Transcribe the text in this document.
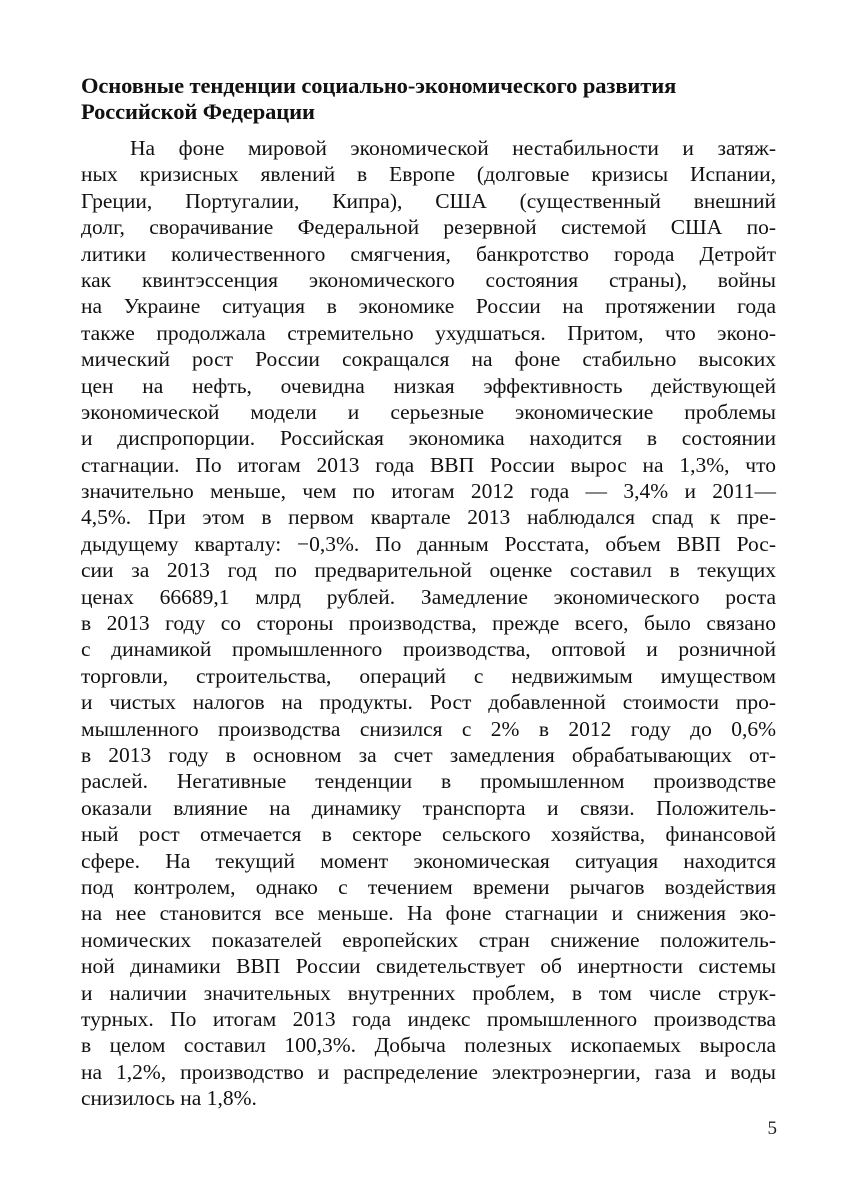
Основные тенденции социально-экономического развития
Российской Федерации
На фоне мировой экономической нестабильности и затяж-
ных кризисных явлений в Европе (долговые кризисы Испании,
Греции, Португалии, Кипра), США (существенный внешний
долг, сворачивание Федеральной резервной системой США по-
литики количественного смягчения, банкротство города Детройт
как квинтэссенция экономического состояния страны), войны
на Украине ситуация в экономике России на протяжении года
также продолжала стремительно ухудшаться. Притом, что эконо-
мический рост России сокращался на фоне стабильно высоких
цен на нефть, очевидна низкая эффективность действующей
экономической модели и серьезные экономические проблемы
и диспропорции. Российская экономика находится в состоянии
стагнации. По итогам 2013 года ВВП России вырос на 1,3%, что
значительно меньше, чем по итогам 2012 года — 3,4% и 2011—
4,5%. При этом в первом квартале 2013 наблюдался спад к пре-
дыдущему кварталу: −0,3%. По данным Росстата, объем ВВП Рос-
сии за 2013 год по предварительной оценке составил в текущих
ценах 66689,1 млрд рублей. Замедление экономического роста
в 2013 году со стороны производства, прежде всего, было связано
с динамикой промышленного производства, оптовой и розничной
торговли, строительства, операций с недвижимым имуществом
и чистых налогов на продукты. Рост добавленной стоимости про-
мышленного производства снизился с 2% в 2012 году до 0,6%
в 2013 году в основном за счет замедления обрабатывающих от-
раслей. Негативные тенденции в промышленном производстве
оказали влияние на динамику транспорта и связи. Положитель-
ный рост отмечается в секторе сельского хозяйства, финансовой
сфере. На текущий момент экономическая ситуация находится
под контролем, однако с течением времени рычагов воздействия
на нее становится все меньше. На фоне стагнации и снижения эко-
номических показателей европейских стран снижение положитель-
ной динамики ВВП России свидетельствует об инертности системы
и наличии значительных внутренних проблем, в том числе струк-
турных. По итогам 2013 года индекс промышленного производства
в целом составил 100,3%. Добыча полезных ископаемых выросла
на 1,2%, производство и распределение электроэнергии, газа и воды
снизилось на 1,8%.
5
